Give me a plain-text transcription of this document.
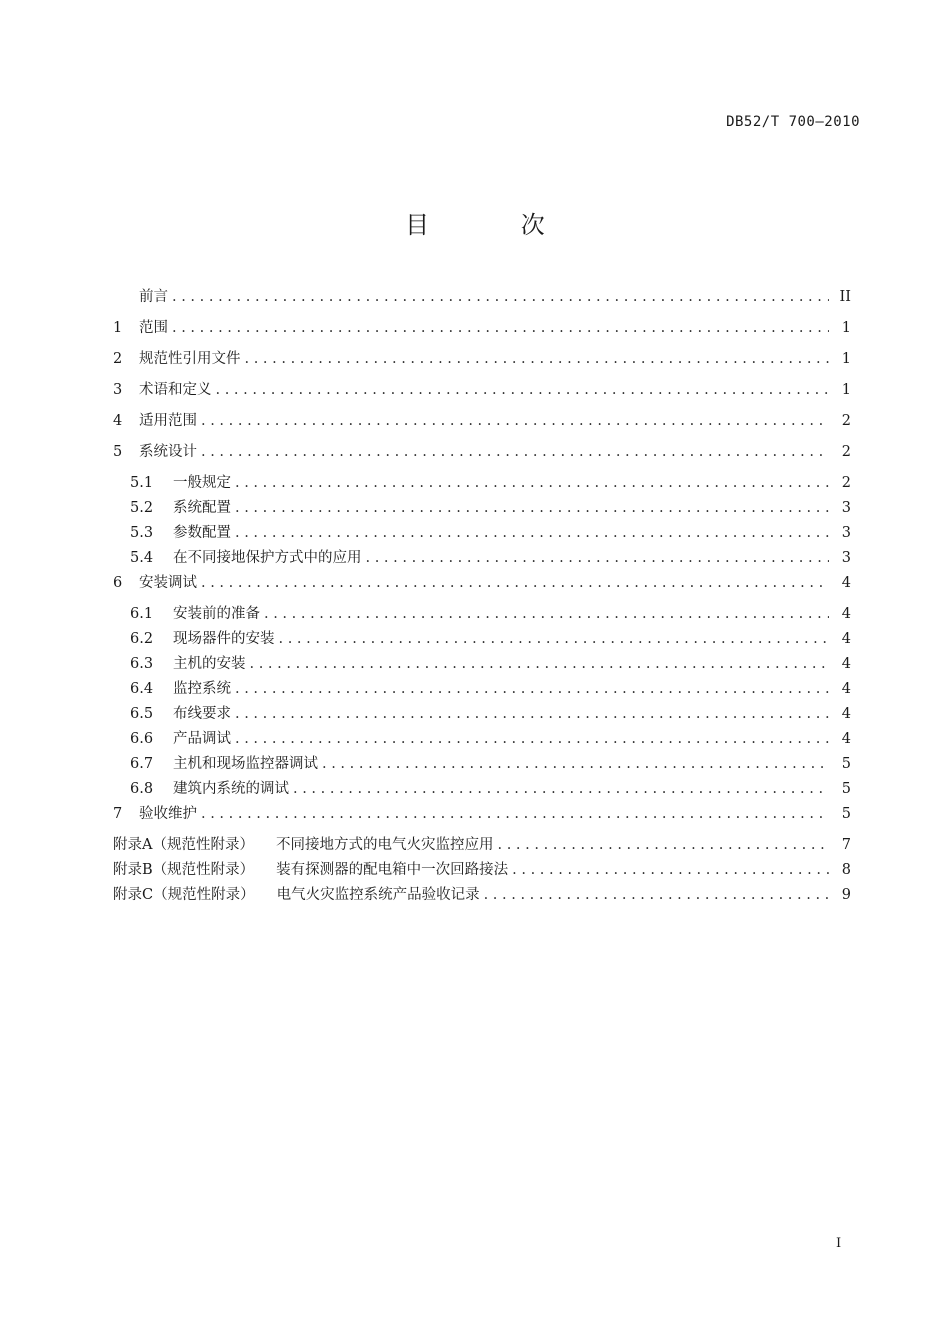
DB52/T 700—2010
目 次
前言 . . .	II
1	范围 . . .	1
2	规范性引用文件 . . .	1
3	术语和定义 . . .	1
4	适用范围 . . .	2
5	系统设计 . . .	2
5.1	一般规定 . . .	2
5.2	系统配置 . . .	3
5.3	参数配置 . . .	3
5.4	在不同接地保护方式中的应用 . . .	3
6	安装调试 . . .	4
6.1	安装前的准备 . . .	4
6.2	现场器件的安装 . . .	4
6.3	主机的安装 . . .	4
6.4	监控系统 . . .	4
6.5	布线要求 . . .	4
6.6	产品调试 . . .	4
6.7	主机和现场监控器调试 . . .	5
6.8	建筑内系统的调试 . . .	5
7	验收维护 . . .	5
附录A（规范性附录）	不同接地方式的电气火灾监控应用 . . .	7
附录B（规范性附录）	装有探测器的配电箱中一次回路接法 . . .	8
附录C（规范性附录）	电气火灾监控系统产品验收记录 . . .	9
I
